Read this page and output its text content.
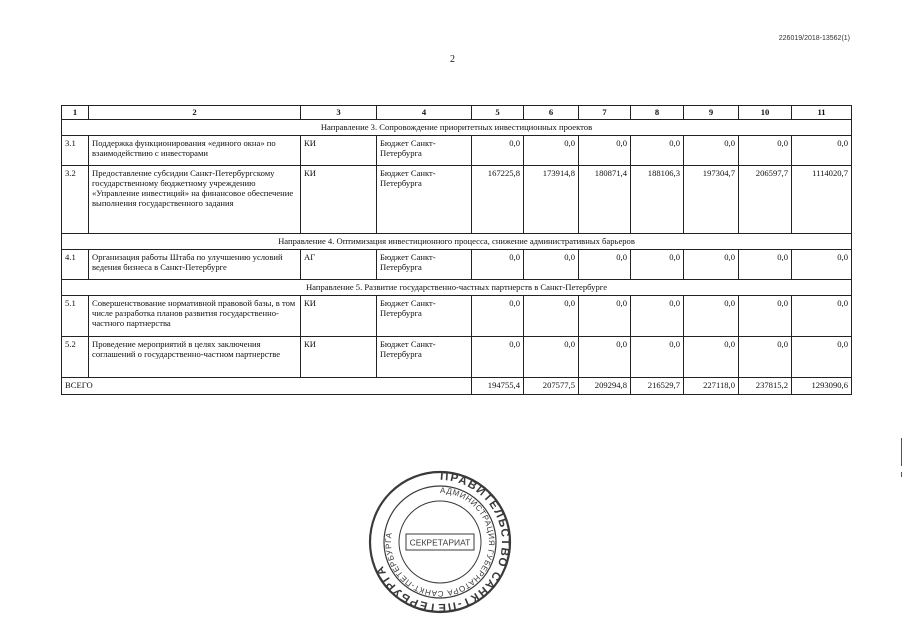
226019/2018-13562(1)
2
1	2	3	4	5	6	7	8	9	10	11
Направление 3. Сопровождение приоритетных инвестиционных проектов										
3.1	Поддержка функционирования «единого окна» по взаимодействию с инвесторами	КИ	Бюджет Санкт-Петербурга	0,0	0,0	0,0	0,0	0,0	0,0	0,0
3.2	Предоставление субсидии Санкт-Петербургскому государственному бюджетному учреждению «Управление инвестиций» на финансовое обеспечение выполнения государственного задания	КИ	Бюджет Санкт-Петербурга	167225,8	173914,8	180871,4	188106,3	197304,7	206597,7	1114020,7
Направление 4. Оптимизация инвестиционного процесса, снижение административных барьеров										
4.1	Организация работы Штаба по улучшению условий ведения бизнеса в Санкт-Петербурге	АГ	Бюджет Санкт-Петербурга	0,0	0,0	0,0	0,0	0,0	0,0	0,0
Направление 5. Развитие государственно-частных партнерств в Санкт-Петербурге										
5.1	Совершенствование нормативной правовой базы, в том числе разработка планов развития государственно-частного партнерства	КИ	Бюджет Санкт-Петербурга	0,0	0,0	0,0	0,0	0,0	0,0	0,0
5.2	Проведение мероприятий в целях заключения соглашений о государственно-частном партнерстве	КИ	Бюджет Санкт-Петербурга	0,0	0,0	0,0	0,0	0,0	0,0	0,0
ВСЕГО				194755,4	207577,5	209294,8	216529,7	227118,0	237815,2	1293090,6
ПРАВИТЕЛЬСТВО САНКТ-ПЕТЕРБУРГА
АДМИНИСТРАЦИЯ ГУБЕРНАТОРА САНКТ-ПЕТЕРБУРГА
СЕКРЕТАРИАТ
